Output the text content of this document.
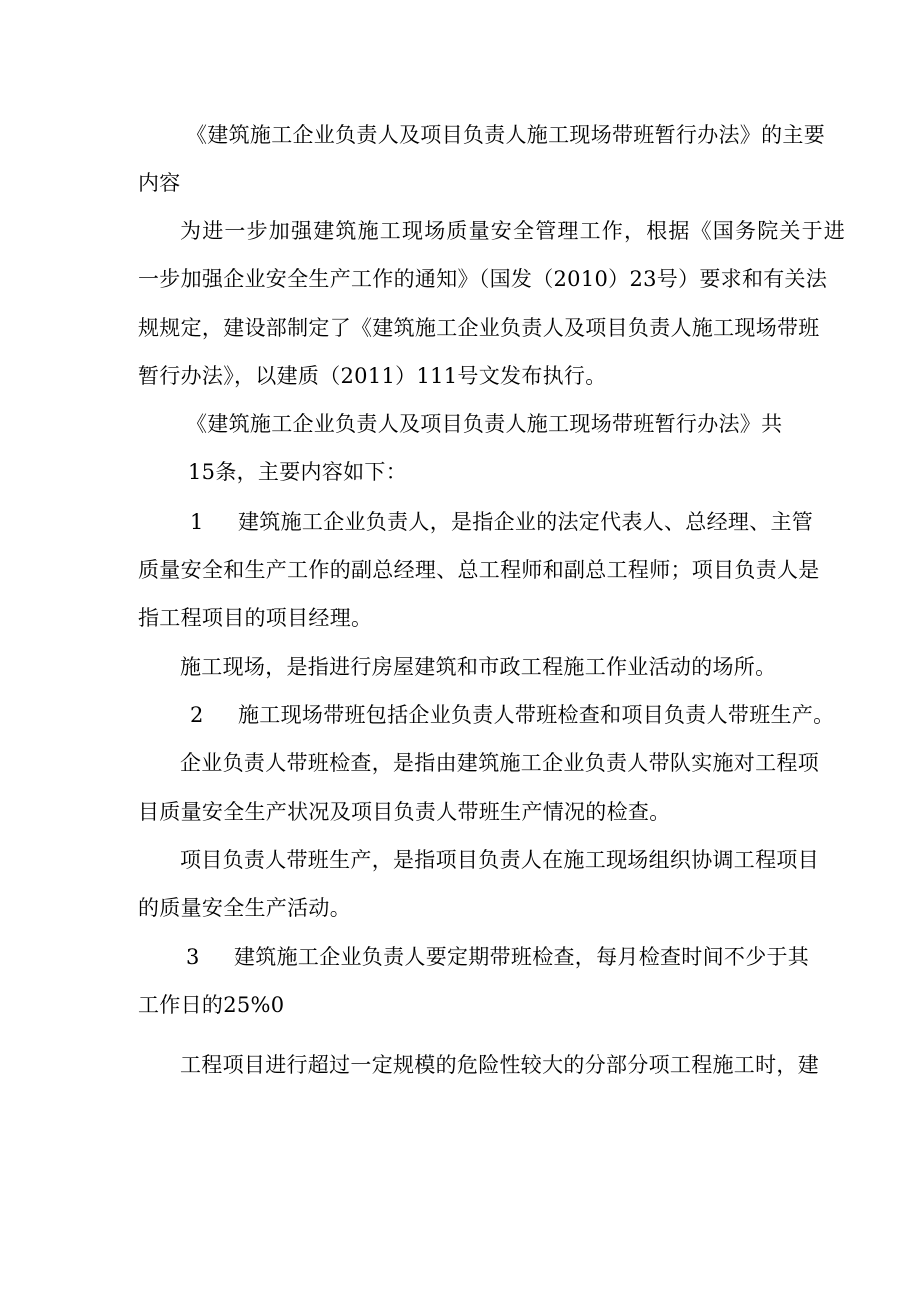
《建筑施工企业负责人及项目负责人施工现场带班暂行办法》的主要
内容
为进一步加强建筑施工现场质量安全管理工作，根据《国务院关于进
一步加强企业安全生产工作的通知》（国发（2010）23号）要求和有关法
规规定，建设部制定了《建筑施工企业负责人及项目负责人施工现场带班
暂行办法》，以建质（2011）111号文发布执行。
《建筑施工企业负责人及项目负责人施工现场带班暂行办法》共
15条，主要内容如下：
1 建筑施工企业负责人，是指企业的法定代表人、总经理、主管
质量安全和生产工作的副总经理、总工程师和副总工程师；项目负责人是
指工程项目的项目经理。
施工现场，是指进行房屋建筑和市政工程施工作业活动的场所。
2 施工现场带班包括企业负责人带班检查和项目负责人带班生产。
企业负责人带班检查，是指由建筑施工企业负责人带队实施对工程项
目质量安全生产状况及项目负责人带班生产情况的检查。
项目负责人带班生产，是指项目负责人在施工现场组织协调工程项目
的质量安全生产活动。
3 建筑施工企业负责人要定期带班检查，每月检查时间不少于其
工作日的25%0
工程项目进行超过一定规模的危险性较大的分部分项工程施工时，建
